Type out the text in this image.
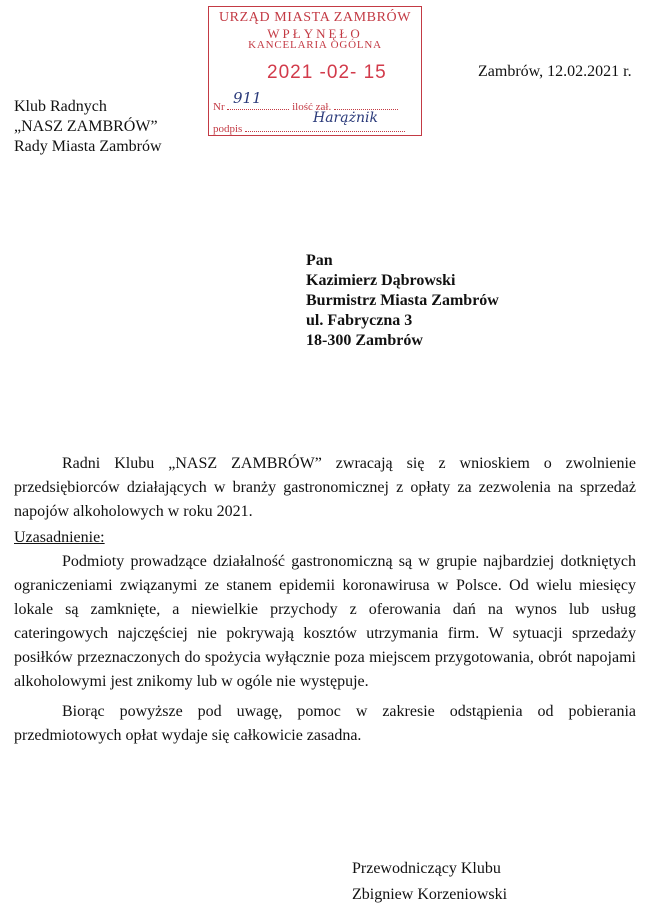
URZĄD MIASTA ZAMBRÓW
WPŁYNĘŁO
KANCELARIA OGÓLNA
2021 -02- 15
Nr	ilość zał.
911
podpis
Harążnik
Zambrów, 12.02.2021 r.
Klub Radnych
„NASZ ZAMBRÓW”
Rady Miasta Zambrów
Pan
Kazimierz Dąbrowski
Burmistrz Miasta Zambrów
ul. Fabryczna 3
18-300 Zambrów

Radni Klubu „NASZ ZAMBRÓW” zwracają się z wnioskiem o zwolnienie przedsiębiorców działających w branży gastronomicznej z opłaty za zezwolenia na sprzedaż napojów alkoholowych w roku 2021.

Uzasadnienie:

Podmioty prowadzące działalność gastronomiczną są w grupie najbardziej dotkniętych ograniczeniami związanymi ze stanem epidemii koronawirusa w Polsce. Od wielu miesięcy lokale są zamknięte, a niewielkie przychody z oferowania dań na wynos lub usług cateringowych najczęściej nie pokrywają kosztów utrzymania firm. W sytuacji sprzedaży posiłków przeznaczonych do spożycia wyłącznie poza miejscem przygotowania, obrót napojami alkoholowymi jest znikomy lub w ogóle nie występuje.

Biorąc powyższe pod uwagę, pomoc w zakresie odstąpienia od pobierania przedmiotowych opłat wydaje się całkowicie zasadna.

Przewodniczący Klubu
Zbigniew Korzeniowski
